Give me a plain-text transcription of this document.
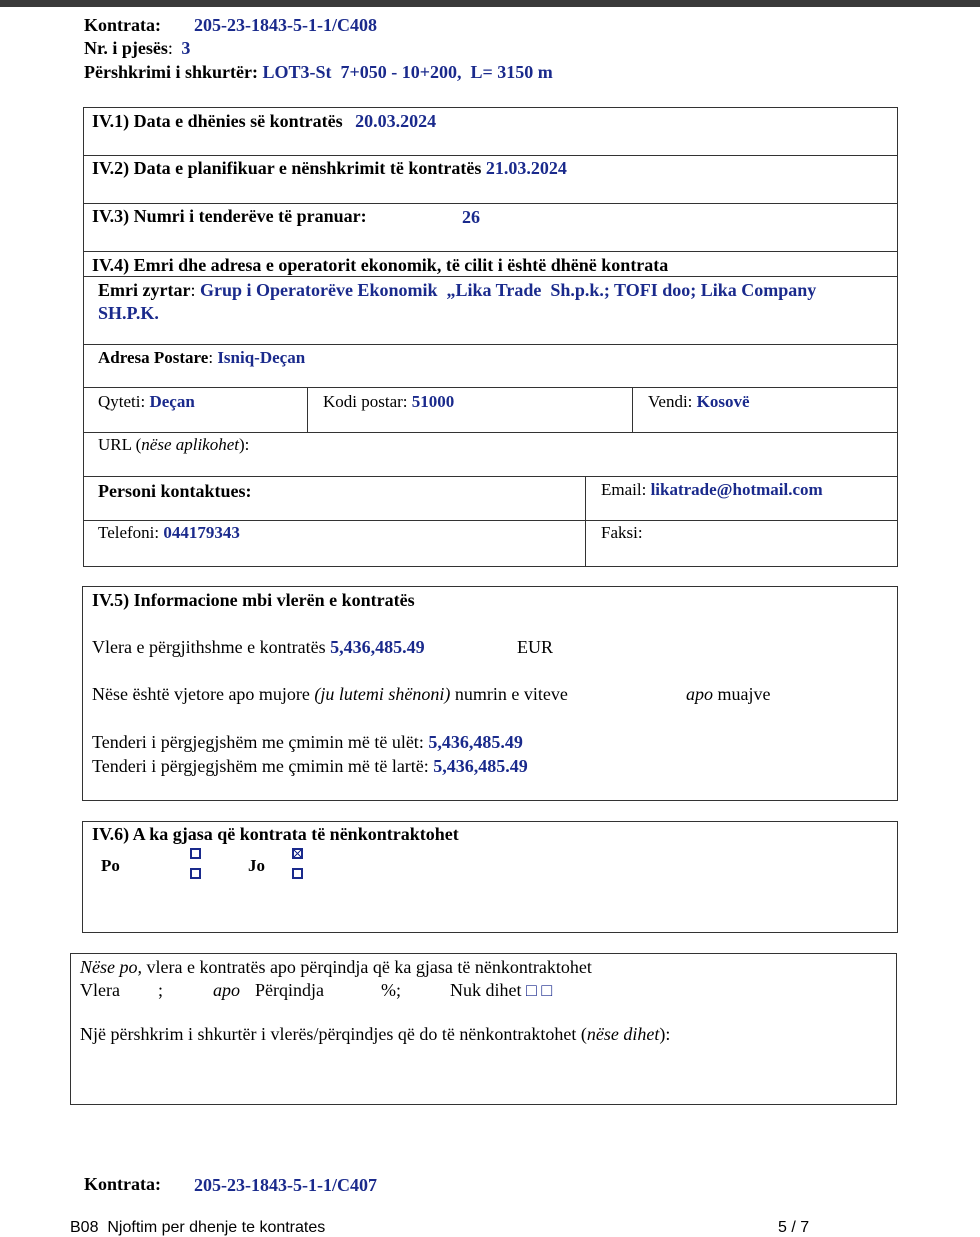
Kontrata: 205-23-1843-5-1-1/C408
Nr. i pjesës: 3
Përshkrimi i shkurtër: LOT3-St  7+050 - 10+200,  L= 3150 m
IV.1) Data e dhënies së kontratës 20.03.2024
IV.2) Data e planifikuar e nënshkrimit të kontratës 21.03.2024
IV.3) Numri i tenderëve të pranuar:	26
IV.4) Emri dhe adresa e operatorit ekonomik, të cilit i është dhënë kontrata
Emri zyrtar: Grup i Operatorëve Ekonomik  „Lika Trade  Sh.p.k.; TOFI doo; Lika Company
SH.P.K.
Adresa Postare: Isniq-Deçan
Qyteti: Deçan	Kodi postar: 51000	Vendi: Kosovë
URL (nëse aplikohet):
Personi kontaktues:	Email: likatrade@hotmail.com
Telefoni: 044179343	Faksi:
IV.5) Informacione mbi vlerën e kontratës
Vlera e përgjithshme e kontratës 5,436,485.49	EUR
Nëse është vjetore apo mujore (ju lutemi shënoni) numrin e viteve	apo muajve
Tenderi i përgjegjshëm me çmimin më të ulët: 5,436,485.49
Tenderi i përgjegjshëm me çmimin më të lartë: 5,436,485.49
IV.6) A ka gjasa që kontrata të nënkontraktohet
Po	Jo
Nëse po, vlera e kontratës apo përqindja që ka gjasa të nënkontraktohet
Vlera ;	apo Përqindja	%;	Nuk dihet □ □
Një përshkrim i shkurtër i vlerës/përqindjes që do të nënkontraktohet (nëse dihet):
Kontrata: 205-23-1843-5-1-1/C407
B08  Njoftim per dhenje te kontrates	5 / 7
